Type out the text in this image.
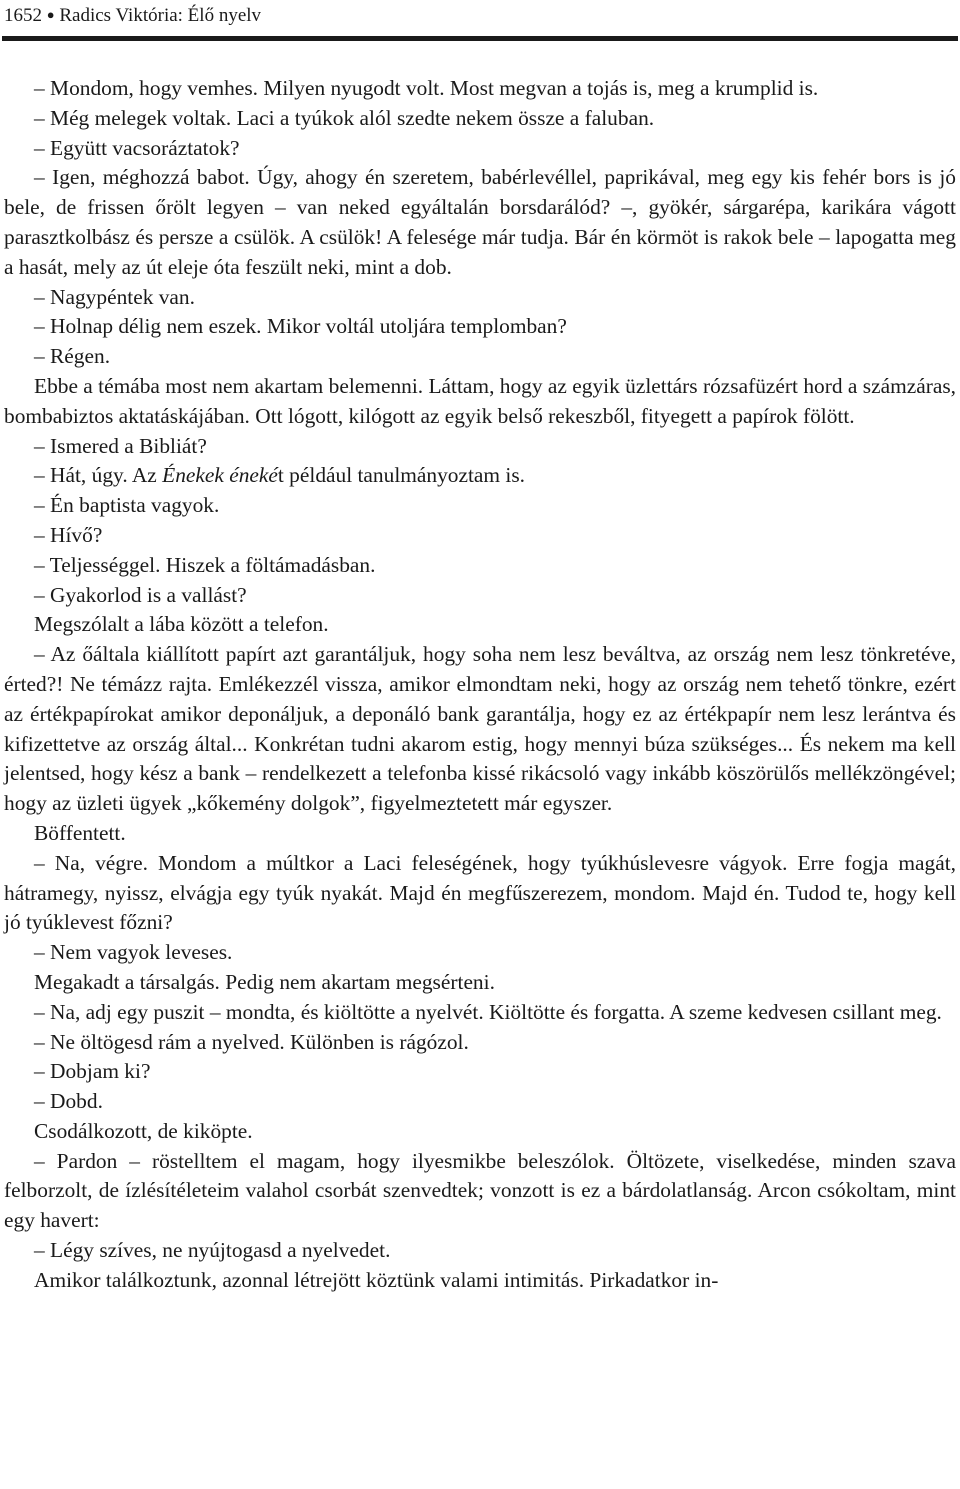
1652 ● Radics Viktória: Élő nyelv

– Mondom, hogy vemhes. Milyen nyugodt volt. Most megvan a tojás is, meg a krumplid is.

– Még melegek voltak. Laci a tyúkok alól szedte nekem össze a faluban.

– Együtt vacsoráztatok?

– Igen, méghozzá babot. Úgy, ahogy én szeretem, babérlevéllel, paprikával, meg egy kis fehér bors is jó bele, de frissen őrölt legyen – van neked egyáltalán borsdarálód? –, gyökér, sárgarépa, karikára vágott parasztkolbász és persze a csülök. A csülök! A felesége már tudja. Bár én körmöt is rakok bele – lapogatta meg a hasát, mely az út eleje óta feszült neki, mint a dob.

– Nagypéntek van.

– Holnap délig nem eszek. Mikor voltál utoljára templomban?

– Régen.

Ebbe a témába most nem akartam belemenni. Láttam, hogy az egyik üzlettárs rózsafüzért hord a számzáras, bombabiztos aktatáskájában. Ott lógott, kilógott az egyik belső rekeszből, fityegett a papírok fölött.

– Ismered a Bibliát?

– Hát, úgy. Az Énekek énekét például tanulmányoztam is.

– Én baptista vagyok.

– Hívő?

– Teljességgel. Hiszek a föltámadásban.

– Gyakorlod is a vallást?

Megszólalt a lába között a telefon.

– Az őáltala kiállított papírt azt garantáljuk, hogy soha nem lesz beváltva, az ország nem lesz tönkretéve, érted?! Ne témázz rajta. Emlékezzél vissza, amikor elmondtam neki, hogy az ország nem tehető tönkre, ezért az értékpapírokat amikor deponáljuk, a deponáló bank garantálja, hogy ez az értékpapír nem lesz lerántva és kifizettetve az ország által... Konkrétan tudni akarom estig, hogy mennyi búza szükséges... És nekem ma kell jelentsed, hogy kész a bank – rendelkezett a telefonba kissé rikácsoló vagy inkább köszörülős mellékzöngével; hogy az üzleti ügyek „kőkemény dolgok”, figyelmeztetett már egyszer.

Böffentett.

– Na, végre. Mondom a múltkor a Laci feleségének, hogy tyúkhúslevesre vágyok. Erre fogja magát, hátramegy, nyissz, elvágja egy tyúk nyakát. Majd én megfűszerezem, mondom. Majd én. Tudod te, hogy kell jó tyúklevest főzni?

– Nem vagyok leveses.

Megakadt a társalgás. Pedig nem akartam megsérteni.

– Na, adj egy puszit – mondta, és kiöltötte a nyelvét. Kiöltötte és forgatta. A szeme kedvesen csillant meg.

– Ne öltögesd rám a nyelved. Különben is rágózol.

– Dobjam ki?

– Dobd.

Csodálkozott, de kiköpte.

– Pardon – röstelltem el magam, hogy ilyesmikbe beleszólok. Öltözete, viselkedése, minden szava felborzolt, de ízlésítéleteim valahol csorbát szenvedtek; vonzott is ez a bárdolatlanság. Arcon csókoltam, mint egy havert:

– Légy szíves, ne nyújtogasd a nyelvedet.

Amikor találkoztunk, azonnal létrejött köztünk valami intimitás. Pirkadatkor in-
